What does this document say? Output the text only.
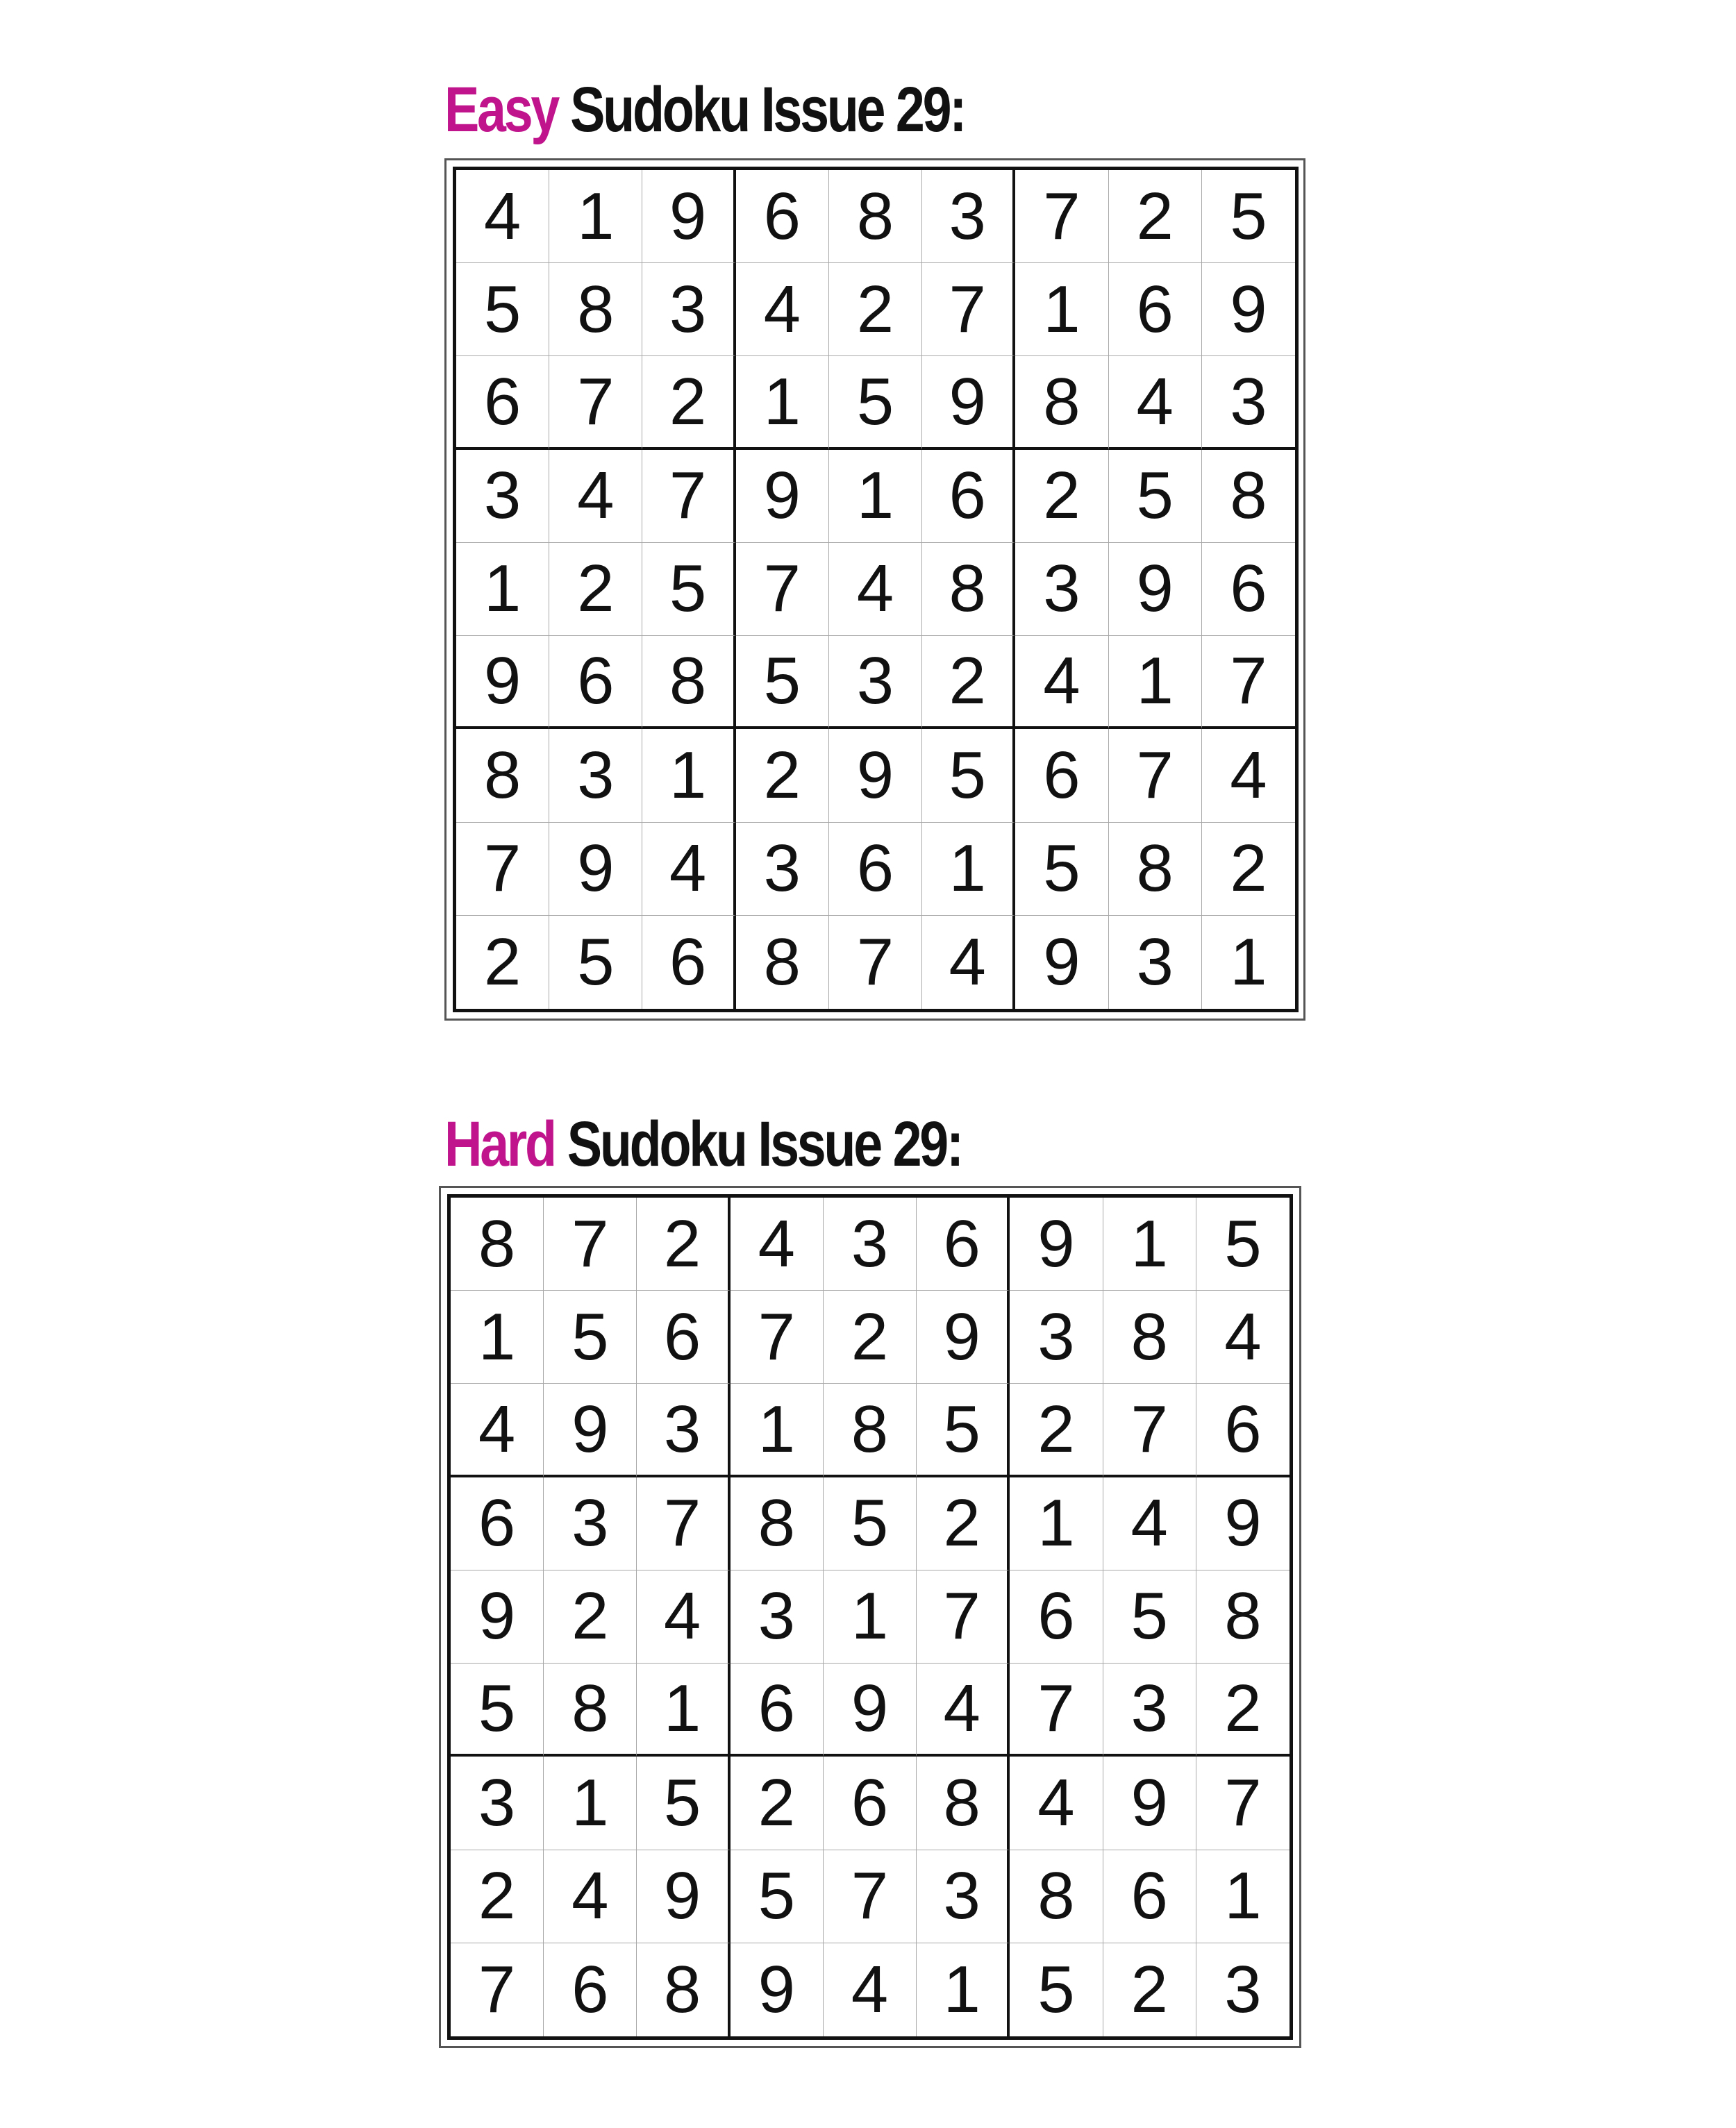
Easy Sudoku Issue 29:
4 1 9 6 8 3 7 2 5
5 8 3 4 2 7 1 6 9
6 7 2 1 5 9 8 4 3
3 4 7 9 1 6 2 5 8
1 2 5 7 4 8 3 9 6
9 6 8 5 3 2 4 1 7
8 3 1 2 9 5 6 7 4
7 9 4 3 6 1 5 8 2
2 5 6 8 7 4 9 3 1
Hard Sudoku Issue 29:
8 7 2 4 3 6 9 1 5
1 5 6 7 2 9 3 8 4
4 9 3 1 8 5 2 7 6
6 3 7 8 5 2 1 4 9
9 2 4 3 1 7 6 5 8
5 8 1 6 9 4 7 3 2
3 1 5 2 6 8 4 9 7
2 4 9 5 7 3 8 6 1
7 6 8 9 4 1 5 2 3
